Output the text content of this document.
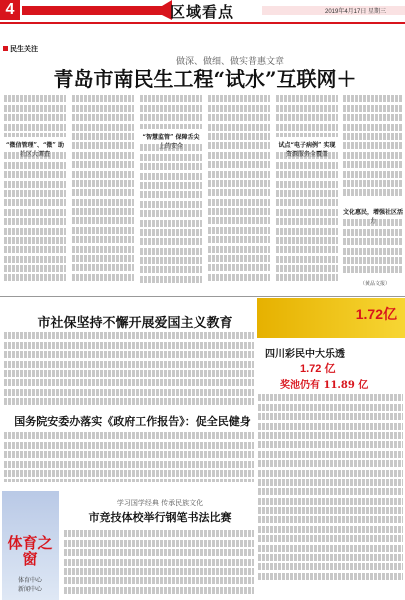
4	区域看点	2019年4月17日 星期三
民生关注
做深、做细、做实普惠文章
青岛市南民生工程“试水”互联网＋
“微信管理”、“微” 助
“智慧监管” 保障舌尖
试点“电子病例” 实现
文化惠民，增强社区活
（黄品文报）
市社保坚持不懈开展爱国主义教育
1.72亿
四川彩民中大乐透
1.72 亿
奖池仍有 11.89 亿
国务院安委办落实《政府工作报告》：促全民健身
体育之窗
体育中心
新闻中心
学习国学经典 传承民族文化
市竞技体校举行钢笔书法比赛
